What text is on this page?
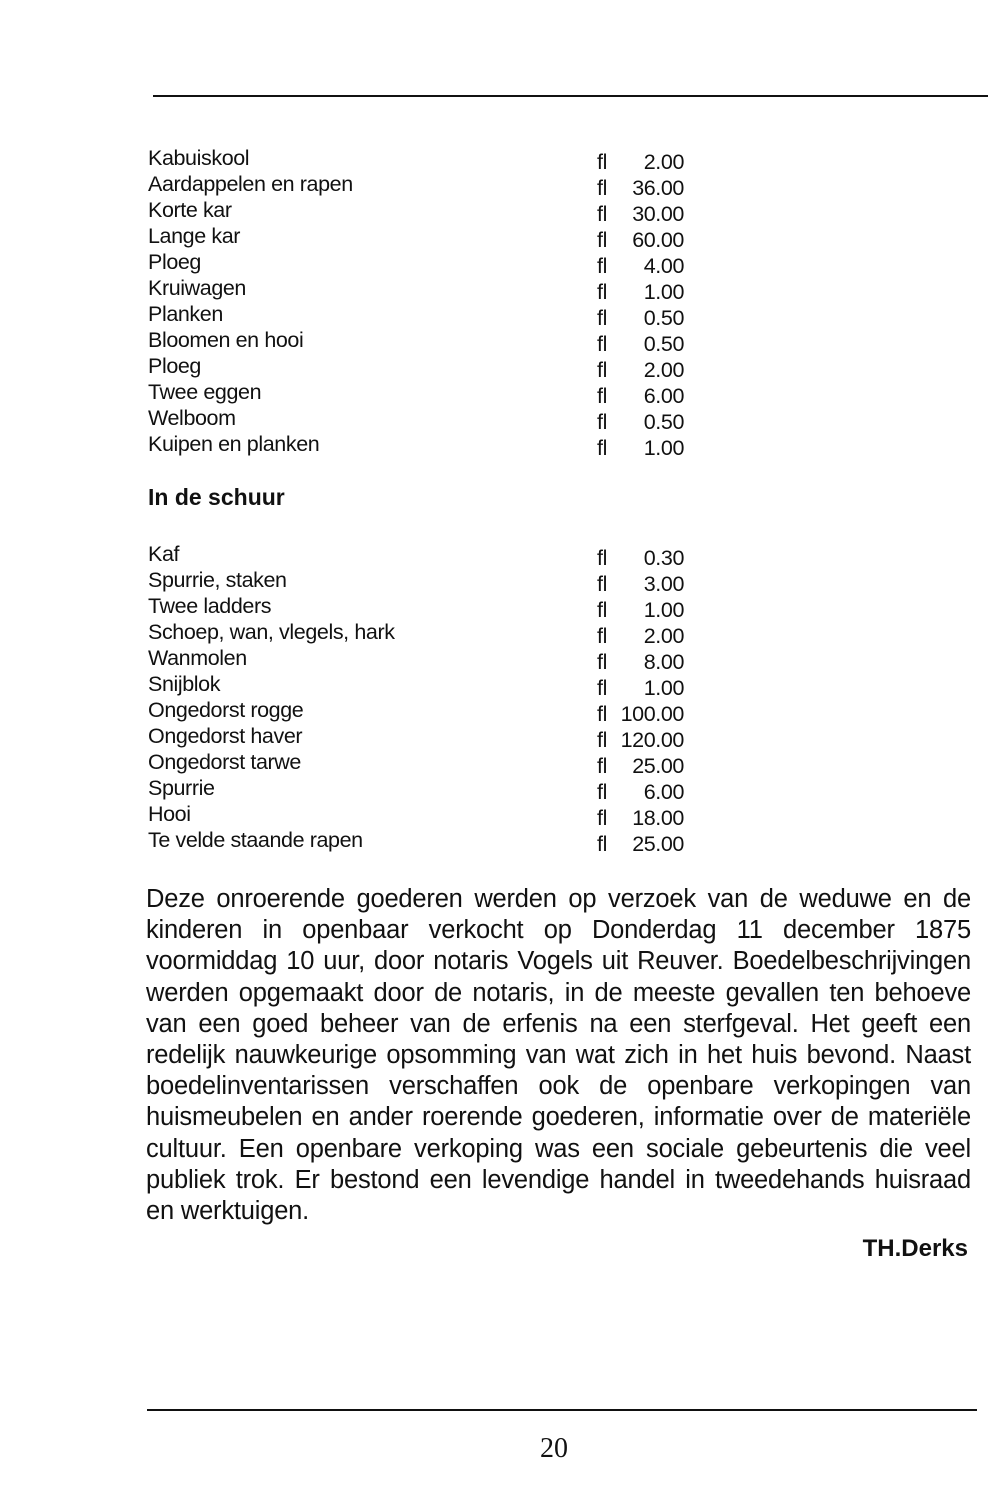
Kabuiskool	fl	2.00
Aardappelen en rapen	fl	36.00
Korte kar	fl	30.00
Lange kar	fl	60.00
Ploeg	fl	4.00
Kruiwagen	fl	1.00
Planken	fl	0.50
Bloomen en hooi	fl	0.50
Ploeg	fl	2.00
Twee eggen	fl	6.00
Welboom	fl	0.50
Kuipen en planken	fl	1.00
In de schuur
Kaf	fl	0.30
Spurrie, staken	fl	3.00
Twee ladders	fl	1.00
Schoep, wan, vlegels, hark	fl	2.00
Wanmolen	fl	8.00
Snijblok	fl	1.00
Ongedorst rogge	fl 100.00
Ongedorst haver	fl 120.00
Ongedorst tarwe	fl	25.00
Spurrie	fl	6.00
Hooi	fl	18.00
Te velde staande rapen	fl	25.00
Deze onroerende goederen werden op verzoek van de weduwe en de kinderen in openbaar verkocht op Donderdag 11 december 1875 voormiddag 10 uur, door notaris Vogels uit Reuver. Boedelbeschrijvingen werden opgemaakt door de notaris, in de meeste gevallen ten behoeve van een goed beheer van de erfenis na een sterfgeval. Het geeft een redelijk nauwkeurige opsomming van wat zich in het huis bevond. Naast boedelinventarissen verschaffen ook de openbare verkopingen van huismeubelen en ander roerende goederen, informatie over de materiële cultuur. Een openbare verkoping was een sociale gebeurtenis die veel publiek trok. Er bestond een levendige handel in tweedehands huisraad en werktuigen.
TH.Derks
20
